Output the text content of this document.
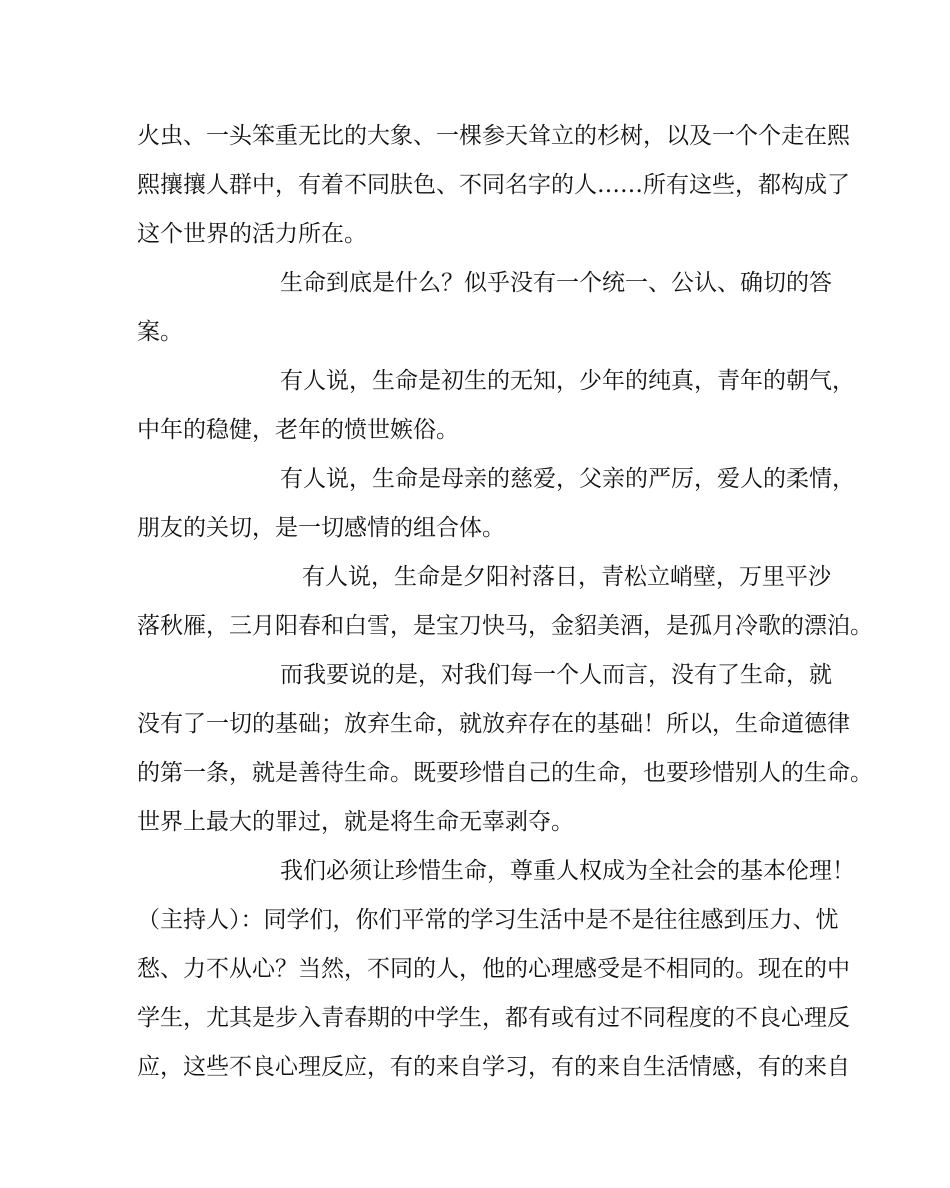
火虫、一头笨重无比的大象、一棵参天耸立的杉树，以及一个个走在熙

熙攘攘人群中，有着不同肤色、不同名字的人……所有这些，都构成了

这个世界的活力所在。

生命到底是什么？似乎没有一个统一、公认、确切的答

案。

有人说，生命是初生的无知，少年的纯真，青年的朝气，

中年的稳健，老年的愤世嫉俗。

有人说，生命是母亲的慈爱，父亲的严厉，爱人的柔情，

朋友的关切，是一切感情的组合体。

有人说，生命是夕阳衬落日，青松立峭壁，万里平沙

落秋雁，三月阳春和白雪，是宝刀快马，金貂美酒，是孤月冷歌的漂泊。

而我要说的是，对我们每一个人而言，没有了生命，就

没有了一切的基础；放弃生命，就放弃存在的基础！所以，生命道德律

的第一条，就是善待生命。既要珍惜自己的生命，也要珍惜别人的生命。

世界上最大的罪过，就是将生命无辜剥夺。

我们必须让珍惜生命，尊重人权成为全社会的基本伦理！

（主持人）：同学们，你们平常的学习生活中是不是往往感到压力、忧

愁、力不从心？当然，不同的人，他的心理感受是不相同的。现在的中

学生，尤其是步入青春期的中学生，都有或有过不同程度的不良心理反

应，这些不良心理反应，有的来自学习，有的来自生活情感，有的来自
